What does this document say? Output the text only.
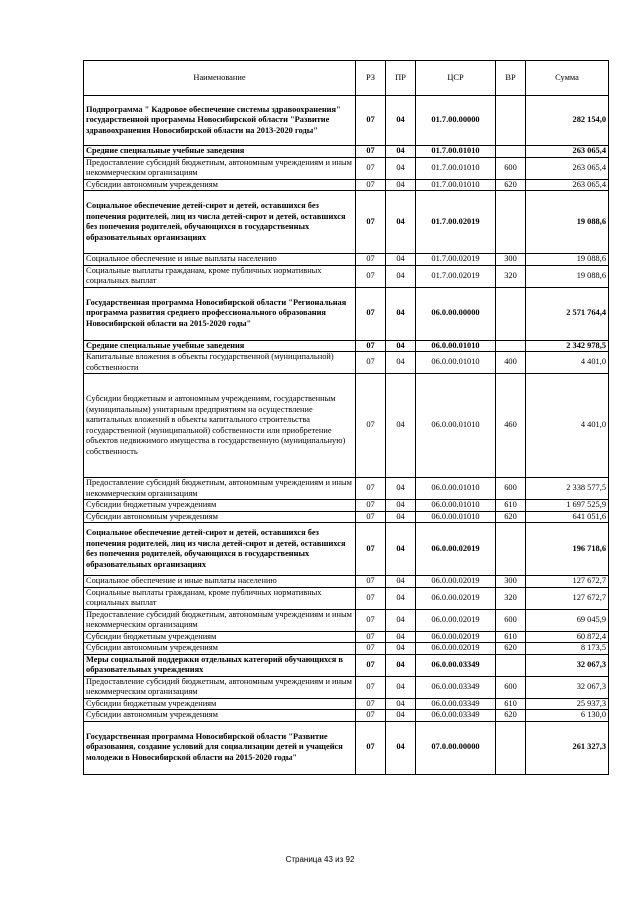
Наименование	РЗ	ПР	ЦСР	ВР	Сумма
Подпрограмма " Кадровое обеспечение системы здравоохранения" государственной программы Новосибирской области "Развитие здравоохранения Новосибирской области на 2013-2020 годы"	07	04	01.7.00.00000		282 154,0
Средние специальные учебные заведения	07	04	01.7.00.01010		263 065,4
Предоставление субсидий бюджетным, автономным учреждениям и иным некоммерческим организациям	07	04	01.7.00.01010	600	263 065,4
Субсидии автономным учреждениям	07	04	01.7.00.01010	620	263 065,4
Социальное обеспечение детей-сирот и детей, оставшихся без попечения родителей, лиц из числа детей-сирот и детей, оставшихся без попечения родителей, обучающихся в государственных образовательных организациях	07	04	01.7.00.02019		19 088,6
Социальное обеспечение и иные выплаты населению	07	04	01.7.00.02019	300	19 088,6
Социальные выплаты гражданам, кроме публичных нормативных социальных выплат	07	04	01.7.00.02019	320	19 088,6
Государственная программа Новосибирской области "Региональная программа развития среднего профессионального образования Новосибирской области на 2015-2020 годы"	07	04	06.0.00.00000		2 571 764,4
Средние специальные учебные заведения	07	04	06.0.00.01010		2 342 978,5
Капитальные вложения в объекты государственной (муниципальной) собственности	07	04	06.0.00.01010	400	4 401,0
Субсидии бюджетным и автономным учреждениям, государственным (муниципальным) унитарным предприятиям на осуществление капитальных вложений в объекты капитального строительства государственной (муниципальной) собственности или приобретение объектов недвижимого имущества в государственную (муниципальную) собственность	07	04	06.0.00.01010	460	4 401,0
Предоставление субсидий бюджетным, автономным учреждениям и иным некоммерческим организациям	07	04	06.0.00.01010	600	2 338 577,5
Субсидии бюджетным учреждениям	07	04	06.0.00.01010	610	1 697 525,9
Субсидии автономным учреждениям	07	04	06.0.00.01010	620	641 051,6
Социальное обеспечение детей-сирот и детей, оставшихся без попечения родителей, лиц из числа детей-сирот и детей, оставшихся без попечения родителей, обучающихся в государственных образовательных организациях	07	04	06.0.00.02019		196 718,6
Социальное обеспечение и иные выплаты населению	07	04	06.0.00.02019	300	127 672,7
Социальные выплаты гражданам, кроме публичных нормативных социальных выплат	07	04	06.0.00.02019	320	127 672,7
Предоставление субсидий бюджетным, автономным учреждениям и иным некоммерческим организациям	07	04	06.0.00.02019	600	69 045,9
Субсидии бюджетным учреждениям	07	04	06.0.00.02019	610	60 872,4
Субсидии автономным учреждениям	07	04	06.0.00.02019	620	8 173,5
Меры социальной поддержки отдельных категорий обучающихся в образовательных учреждениях	07	04	06.0.00.03349		32 067,3
Предоставление субсидий бюджетным, автономным учреждениям и иным некоммерческим организациям	07	04	06.0.00.03349	600	32 067,3
Субсидии бюджетным учреждениям	07	04	06.0.00.03349	610	25 937,3
Субсидии автономным учреждениям	07	04	06.0.00.03349	620	6 130,0
Государственная программа Новосибирской области "Развитие образования, создание условий для социализации детей и учащейся молодежи в Новосибирской области на 2015-2020 годы"	07	04	07.0.00.00000		261 327,3
Страница 43 из 92
